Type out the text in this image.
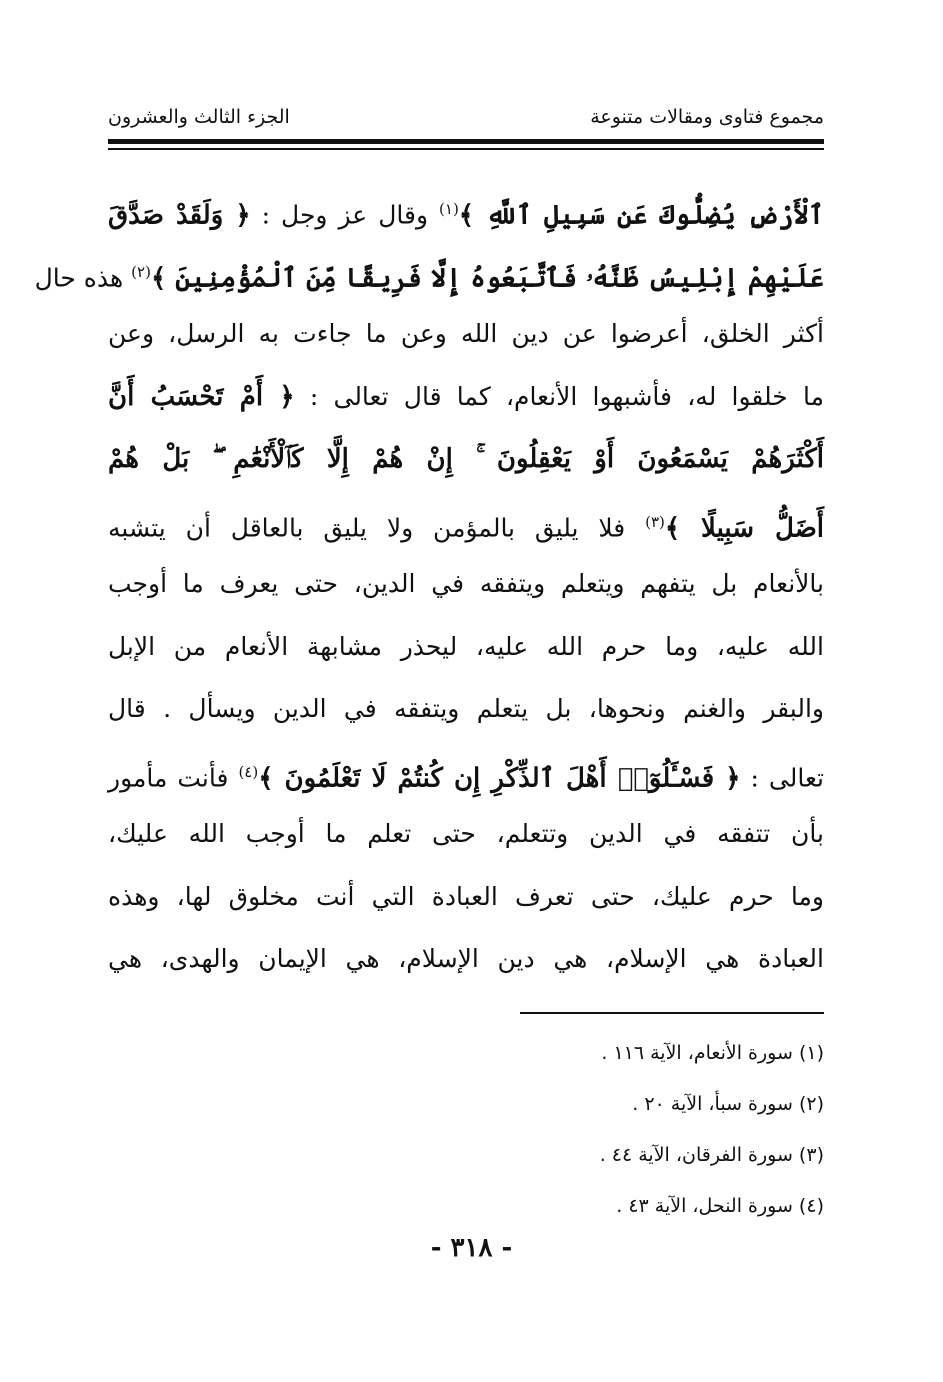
الجزء الثالث والعشرون	مجموع فتاوى ومقالات متنوعة
ٱلْأَرْضِ يُضِلُّوكَ عَن سَبِيلِ ٱللَّهِ ﴾$^{(١)}$ وقال عز وجل : ﴿ وَلَقَدْ صَدَّقَ
عَلَيْهِمْ إِبْلِيسُ ظَنَّهُۥ فَٱتَّبَعُوهُ إِلَّا فَرِيقًا مِّنَ ٱلْمُؤْمِنِينَ ﴾$^{(٢)}$ هذه حال
أكثر الخلق، أعرضوا عن دين الله وعن ما جاءت به الرسل، وعن
ما خلقوا له، فأشبهوا الأنعام، كما قال تعالى : ﴿ أَمْ تَحْسَبُ أَنَّ
أَكْثَرَهُمْ يَسْمَعُونَ أَوْ يَعْقِلُونَ ۚ إِنْ هُمْ إِلَّا كَٱلْأَنْعَٰمِ ۖ بَلْ هُمْ
أَضَلُّ سَبِيلًا ﴾$^{(٣)}$ فلا يليق بالمؤمن ولا يليق بالعاقل أن يتشبه
بالأنعام بل يتفهم ويتعلم ويتفقه في الدين، حتى يعرف ما أوجب
الله عليه، وما حرم الله عليه، ليحذر مشابهة الأنعام من الإبل
والبقر والغنم ونحوها، بل يتعلم ويتفقه في الدين ويسأل . قال
تعالى : ﴿ فَسْـَٔلُوٓا۟ أَهْلَ ٱلذِّكْرِ إِن كُنتُمْ لَا تَعْلَمُونَ ﴾$^{(٤)}$ فأنت مأمور
بأن تتفقه في الدين وتتعلم، حتى تعلم ما أوجب الله عليك،
وما حرم عليك، حتى تعرف العبادة التي أنت مخلوق لها، وهذه
العبادة هي الإسلام، هي دين الإسلام، هي الإيمان والهدى، هي
(١) سورة الأنعام، الآية ١١٦ .
(٢) سورة سبأ، الآية ٢٠ .
(٣) سورة الفرقان، الآية ٤٤ .
(٤) سورة النحل، الآية ٤٣ .
- ٣١٨ -
